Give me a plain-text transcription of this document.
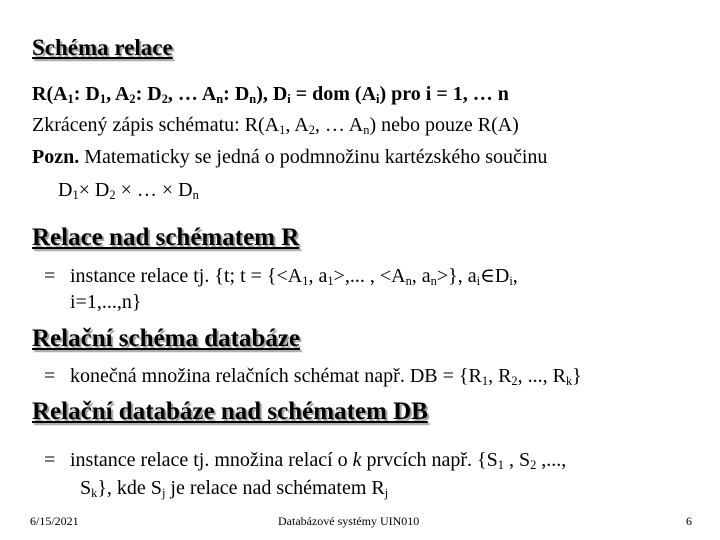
Schéma relace
$R(A_1$: $D_1$, $A_2$: $D_2$, … $A_n$: $D_n$), $D_i$ = dom $(A_i)$ pro i = 1, … n
Zkrácený zápis schématu: $R(A_1$, $A_2$, … $A_n$) nebo pouze R(A)
Pozn. Matematicky se jedná o podmnožinu kartézského součinu
$D_1\times D_2$ × … × $D_n$
Relace nad schématem R
= instance relace tj. {t; $t = \{<A_1$, $a_1>$,... , $<A_n$, $a_n>$}, $a_i\in D_i$,
i=1,...,n}
Relační schéma databáze
= konečná množina relačních schémat např. DB = {$R_1$, $R_2$, ..., $R_k$}
Relační databáze nad schématem DB
= instance relace tj. množina relací o k prvcích např. {$S_1$ , $S_2$ ,...,
$S_k$}, kde $S_j$ je relace nad schématem $R_j$
6/15/2021	Databázové systémy UIN010	6
